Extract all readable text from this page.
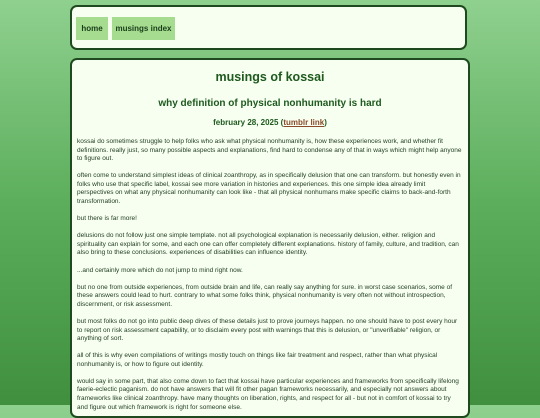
home	musings index
musings of kossai
why definition of physical nonhumanity is hard
february 28, 2025 (tumblr link)
kossai do sometimes struggle to help folks who ask what physical nonhumanity is, how these experiences work, and whether fit definitions. really just, so many possible aspects and explanations, find hard to condense any of that in ways which might help anyone to figure out.
often come to understand simplest ideas of clinical zoanthropy, as in specifically delusion that one can transform. but honestly even in folks who use that specific label, kossai see more variation in histories and experiences. this one simple idea already limit perspectives on what any physical nonhumanity can look like - that all physical nonhumans make specific claims to back-and-forth transformation.
but there is far more!
delusions do not follow just one simple template. not all psychological explanation is necessarily delusion, either. religion and spirituality can explain for some, and each one can offer completely different explanations. history of family, culture, and tradition, can also bring to these conclusions. experiences of disabilities can influence identity.
...and certainly more which do not jump to mind right now.
but no one from outside experiences, from outside brain and life, can really say anything for sure. in worst case scenarios, some of these answers could lead to hurt. contrary to what some folks think, physical nonhumanity is very often not without introspection, discernment, or risk assessment.
but most folks do not go into public deep dives of these details just to prove journeys happen. no one should have to post every hour to report on risk assessment capability, or to disclaim every post with warnings that this is delusion, or "unverifiable" religion, or anything of sort.
all of this is why even compilations of writings mostly touch on things like fair treatment and respect, rather than what physical nonhumanity is, or how to figure out identity.
would say in some part, that also come down to fact that kossai have particular experiences and frameworks from specifically lifelong faerie-eclectic paganism. do not have answers that will fit other pagan frameworks necessarily, and especially not answers about frameworks like clinical zoanthropy. have many thoughts on liberation, rights, and respect for all - but not in comfort of kossai to try and figure out which framework is right for someone else.
